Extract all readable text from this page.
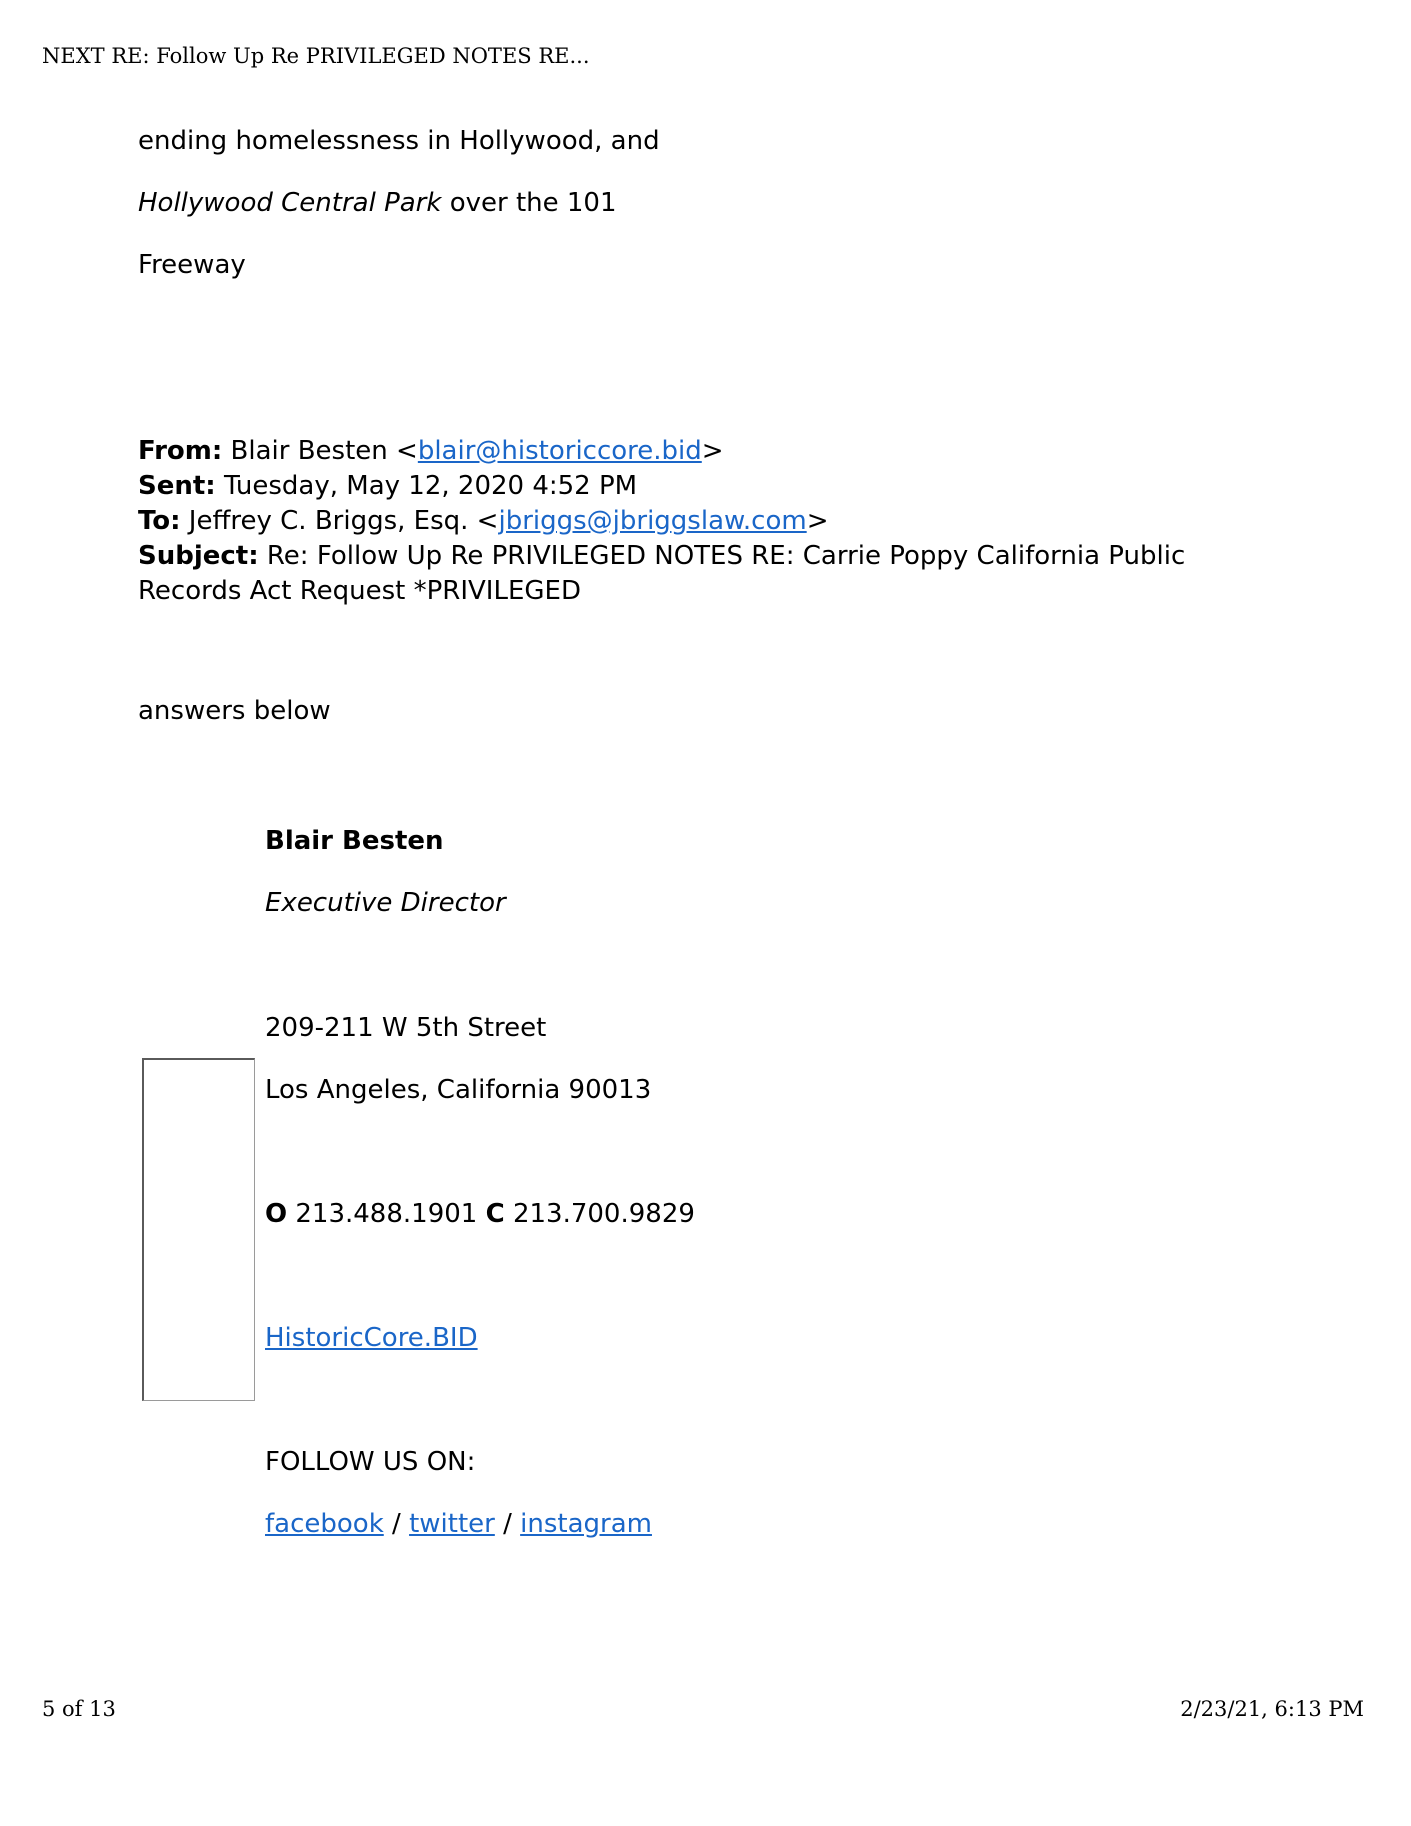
NEXT RE: Follow Up Re PRIVILEGED NOTES RE...
ending homelessness in Hollywood, and
Hollywood Central Park over the 101
Freeway
From: Blair Besten <blair@historiccore.bid>
Sent: Tuesday, May 12, 2020 4:52 PM
To: Jeffrey C. Briggs, Esq. <jbriggs@jbriggslaw.com>
Subject: Re: Follow Up Re PRIVILEGED NOTES RE: Carrie Poppy California Public
Records Act Request *PRIVILEGED
answers below
Blair Besten
Executive Director
209-211 W 5th Street
Los Angeles, California 90013
O 213.488.1901 C 213.700.9829
HistoricCore.BID
FOLLOW US ON:
facebook / twitter / instagram
5 of 13	2/23/21, 6:13 PM
